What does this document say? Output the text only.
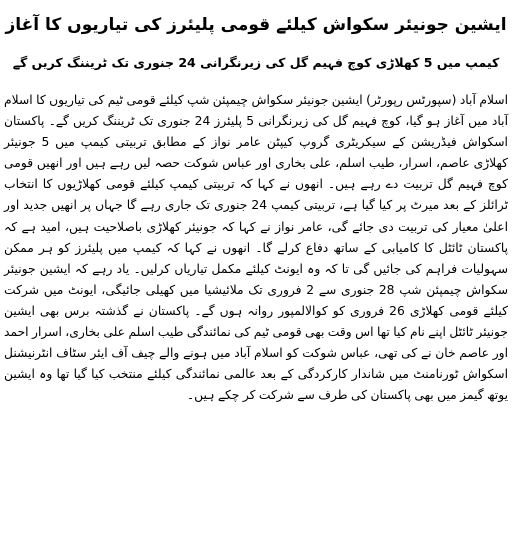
ایشین جونیئر سکواش کیلئے قومی پلیئرز کی تیاریوں کا آغاز
کیمپ میں 5 کھلاڑی کوچ فہیم گل کی زیرنگرانی 24 جنوری تک ٹریننگ کریں گے

اسلام آباد (سپورٹس رپورٹر) ایشین جونیئر سکواش چیمپئن شپ کیلئے قومی ٹیم کی تیاریوں کا اسلام آباد میں آغاز ہو گیا، کوچ فہیم گل کی زیرنگرانی 5 پلیئرز 24 جنوری تک ٹریننگ کریں گے۔ پاکستان اسکواش فیڈریشن کے سیکریٹری گروپ کیپٹن عامر نواز کے مطابق تربیتی کیمپ میں 5 جونیئر کھلاڑی عاصم، اسرار، طیب اسلم، علی بخاری اور عباس شوکت حصہ لیں رہے ہیں اور انھیں قومی کوچ فہیم گل تربیت دے رہے ہیں۔ انھوں نے کہا کہ تربیتی کیمپ کیلئے قومی کھلاڑیوں کا انتخاب ٹرائلز کے بعد میرٹ پر کیا گیا ہے، تربیتی کیمپ 24 جنوری تک جاری رہے گا جہاں پر انھیں جدید اور اعلیٰ معیار کی تربیت دی جائے گی، عامر نواز نے کہا کہ جونیئر کھلاڑی باصلاحیت ہیں، امید ہے کہ پاکستان ٹائٹل کا کامیابی کے ساتھ دفاع کرلے گا۔ انھوں نے کہا کہ کیمپ میں پلیئرز کو ہر ممکن سہولیات فراہم کی جائیں گی تا کہ وہ ایونٹ کیلئے مکمل تیاریاں کرلیں۔ یاد رہے کہ ایشین جونیئر سکواش چیمپئن شپ 28 جنوری سے 2 فروری تک ملائیشیا میں کھیلی جائیگی، ایونٹ میں شرکت کیلئے قومی کھلاڑی 26 فروری کو کوالالمپور روانہ ہوں گے۔ پاکستان نے گذشتہ برس بھی ایشین جونیئر ٹائٹل اپنے نام کیا تھا اس وقت بھی قومی ٹیم کی نمائندگی طیب اسلم علی بخاری، اسرار احمد اور عاصم خان نے کی تھی، عباس شوکت کو اسلام آباد میں ہونے والے چیف آف ایئر سٹاف انٹرنیشنل اسکواش ٹورنامنٹ میں شاندار کارکردگی کے بعد عالمی نمائندگی کیلئے منتخب کیا گیا تھا وہ ایشین یوتھ گیمز میں بھی پاکستان کی طرف سے شرکت کر چکے ہیں۔
